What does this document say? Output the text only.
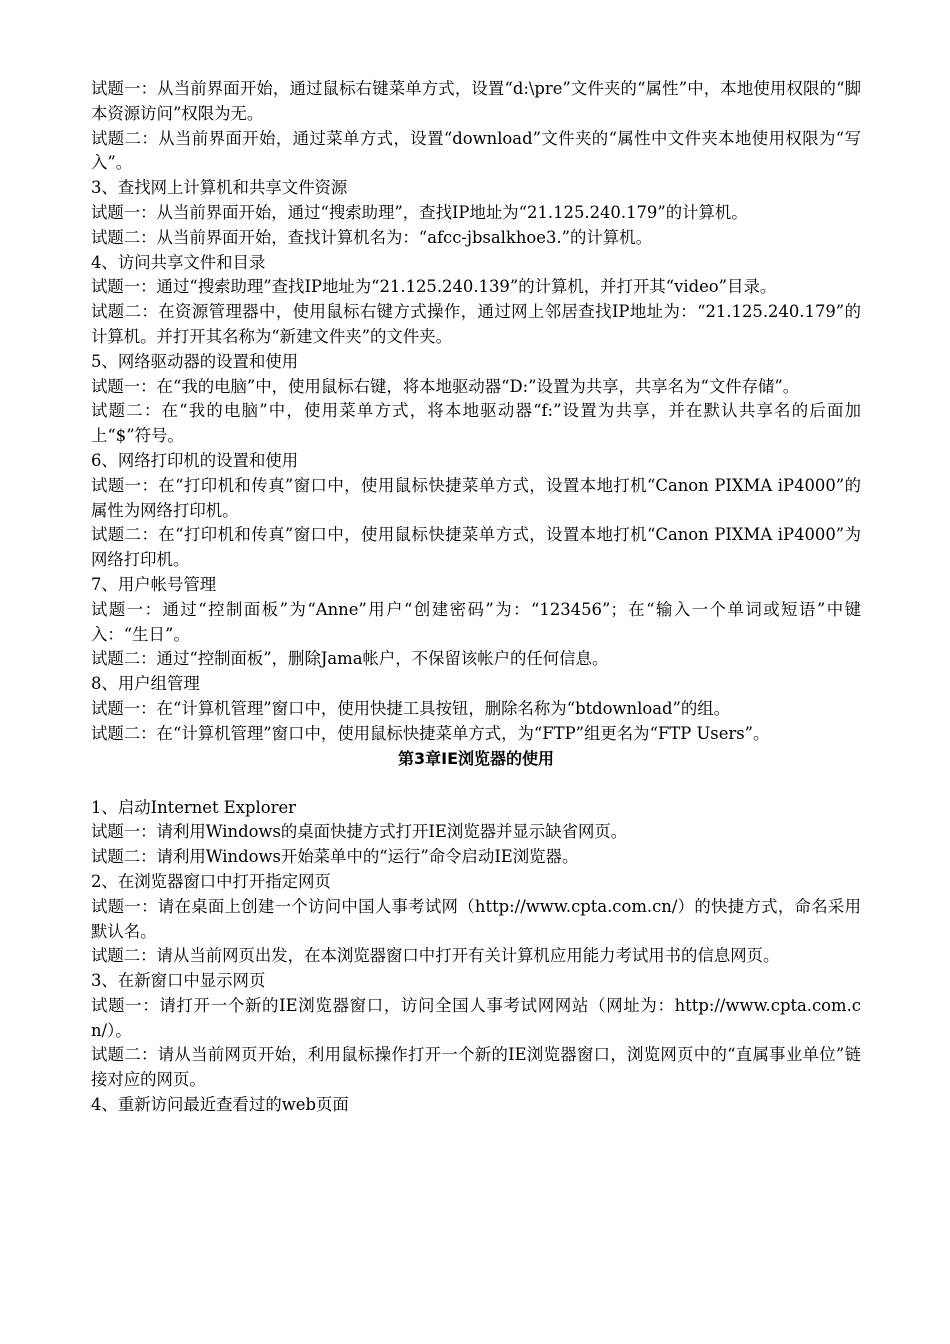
试题一：从当前界面开始，通过鼠标右键菜单方式，设置“d:\pre”文件夹的“属性”中，本地使用权限的“脚本资源访问”权限为无。

试题二：从当前界面开始，通过菜单方式，设置“download”文件夹的“属性中文件夹本地使用权限为“写入”。

3、查找网上计算机和共享文件资源

试题一：从当前界面开始，通过“搜索助理”，查找IP地址为“21.125.240.179”的计算机。

试题二：从当前界面开始，查找计算机名为：“afcc-jbsalkhoe3.”的计算机。

4、访问共享文件和目录

试题一：通过“搜索助理”查找IP地址为“21.125.240.139”的计算机，并打开其“video”目录。

试题二：在资源管理器中，使用鼠标右键方式操作，通过网上邻居查找IP地址为：“21.125.240.179”的计算机。并打开其名称为“新建文件夹”的文件夹。

5、网络驱动器的设置和使用

试题一：在“我的电脑”中，使用鼠标右键，将本地驱动器“D:”设置为共享，共享名为“文件存储”。

试题二：在“我的电脑”中，使用菜单方式，将本地驱动器“f:”设置为共享，并在默认共享名的后面加上“$”符号。

6、网络打印机的设置和使用

试题一：在“打印机和传真”窗口中，使用鼠标快捷菜单方式，设置本地打机“Canon PIXMA iP4000”的属性为网络打印机。

试题二：在“打印机和传真”窗口中，使用鼠标快捷菜单方式，设置本地打机“Canon PIXMA iP4000”为网络打印机。

7、用户帐号管理

试题一：通过“控制面板”为“Anne”用户“创建密码”为：“123456”；在“输入一个单词或短语”中键入：“生日”。

试题二：通过“控制面板”，删除Jama帐户，不保留该帐户的任何信息。

8、用户组管理

试题一：在“计算机管理”窗口中，使用快捷工具按钮，删除名称为“btdownload”的组。

试题二：在“计算机管理”窗口中，使用鼠标快捷菜单方式，为“FTP”组更名为“FTP Users”。

第3章IE浏览器的使用

1、启动Internet Explorer

试题一：请利用Windows的桌面快捷方式打开IE浏览器并显示缺省网页。

试题二：请利用Windows开始菜单中的“运行”命令启动IE浏览器。

2、在浏览器窗口中打开指定网页

试题一：请在桌面上创建一个访问中国人事考试网（http://www.cpta.com.cn/）的快捷方式，命名采用默认名。

试题二：请从当前网页出发，在本浏览器窗口中打开有关计算机应用能力考试用书的信息网页。

3、在新窗口中显示网页

试题一：请打开一个新的IE浏览器窗口，访问全国人事考试网网站（网址为：http://www.cpta.com.cn/）。

试题二：请从当前网页开始，利用鼠标操作打开一个新的IE浏览器窗口，浏览网页中的“直属事业单位”链接对应的网页。

4、重新访问最近查看过的web页面
